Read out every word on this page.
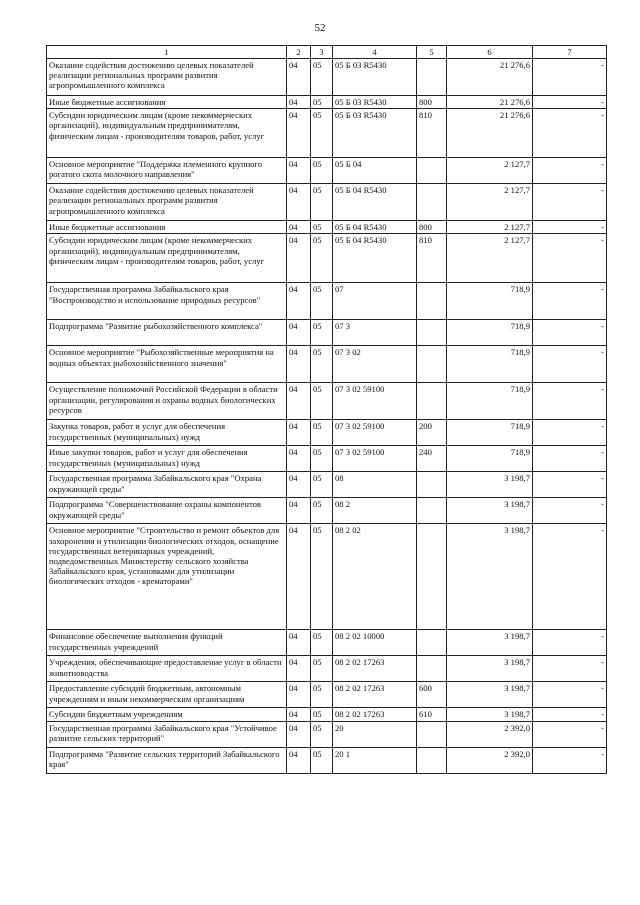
52
1	2	3	4	5	6	7
Оказание содействия достижению целевых показателей реализации региональных программ развития агропромышленного комплекса	04	05	05 Б 03 R5430		21 276,6	-
Иные бюджетные ассигнования	04	05	05 Б 03 R5430	800	21 276,6	-
Субсидии юридическим лицам (кроме некоммерческих организаций), индивидуальным предпринимателям, физическим лицам - производителям товаров, работ, услуг	04	05	05 Б 03 R5430	810	21 276,6	-
Основное мероприятие "Поддержка племенного крупного рогатого скота молочного направления"	04	05	05 Б 04		2 127,7	-
Оказание содействия достижению целевых показателей реализации региональных программ развития агропромышленного комплекса	04	05	05 Б 04 R5430		2 127,7	-
Иные бюджетные ассигнования	04	05	05 Б 04 R5430	800	2 127,7	-
Субсидии юридическим лицам (кроме некоммерческих организаций), индивидуальным предпринимателям, физическим лицам - производителям товаров, работ, услуг	04	05	05 Б 04 R5430	810	2 127,7	-
Государственная программа Забайкальского края "Воспроизводство и использование природных ресурсов"	04	05	07		718,9	-
Подпрограмма "Развитие рыбохозяйственного комплекса"	04	05	07 3		718,9	-
Основное мероприятие "Рыбохозяйственные мероприятия на водных объектах рыбохозяйственного значения"	04	05	07 3 02		718,9	-
Осуществление полномочий Российской Федерации в области организации, регулирования и охраны водных биологических ресурсов	04	05	07 3 02 59100		718,9	-
Закупка товаров, работ и услуг для обеспечения государственных (муниципальных) нужд	04	05	07 3 02 59100	200	718,9	-
Иные закупки товаров, работ и услуг для обеспечения государственных (муниципальных) нужд	04	05	07 3 02 59100	240	718,9	-
Государственная программа Забайкальского края "Охрана окружающей среды"	04	05	08		3 198,7	-
Подпрограмма "Совершенствование охраны компонентов окружающей среды"	04	05	08 2		3 198,7	-
Основное мероприятие "Строительство и ремонт объектов для захоронения и утилизации биологических отходов, оснащение государственных ветеринарных учреждений, подведомственных Министерству сельского хозяйства Забайкальского края, установками для утилизации биологических отходов - крематорами"	04	05	08 2 02		3 198,7	-
Финансовое обеспечение выполнения функций государственных учреждений	04	05	08 2 02 10000		3 198,7	-
Учреждения, обеспечивающие предоставление услуг в области животноводства	04	05	08 2 02 17263		3 198,7	-
Предоставление субсидий бюджетным, автономным учреждениям и иным некоммерческим организациям	04	05	08 2 02 17263	600	3 198,7	-
Субсидии бюджетным учреждениям	04	05	08 2 02 17263	610	3 198,7	-
Государственная программа Забайкальского края "Устойчивое развитие сельских территорий"	04	05	20		2 392,0	-
Подпрограмма "Развитие сельских территорий Забайкальского края"	04	05	20 1		2 392,0	-
